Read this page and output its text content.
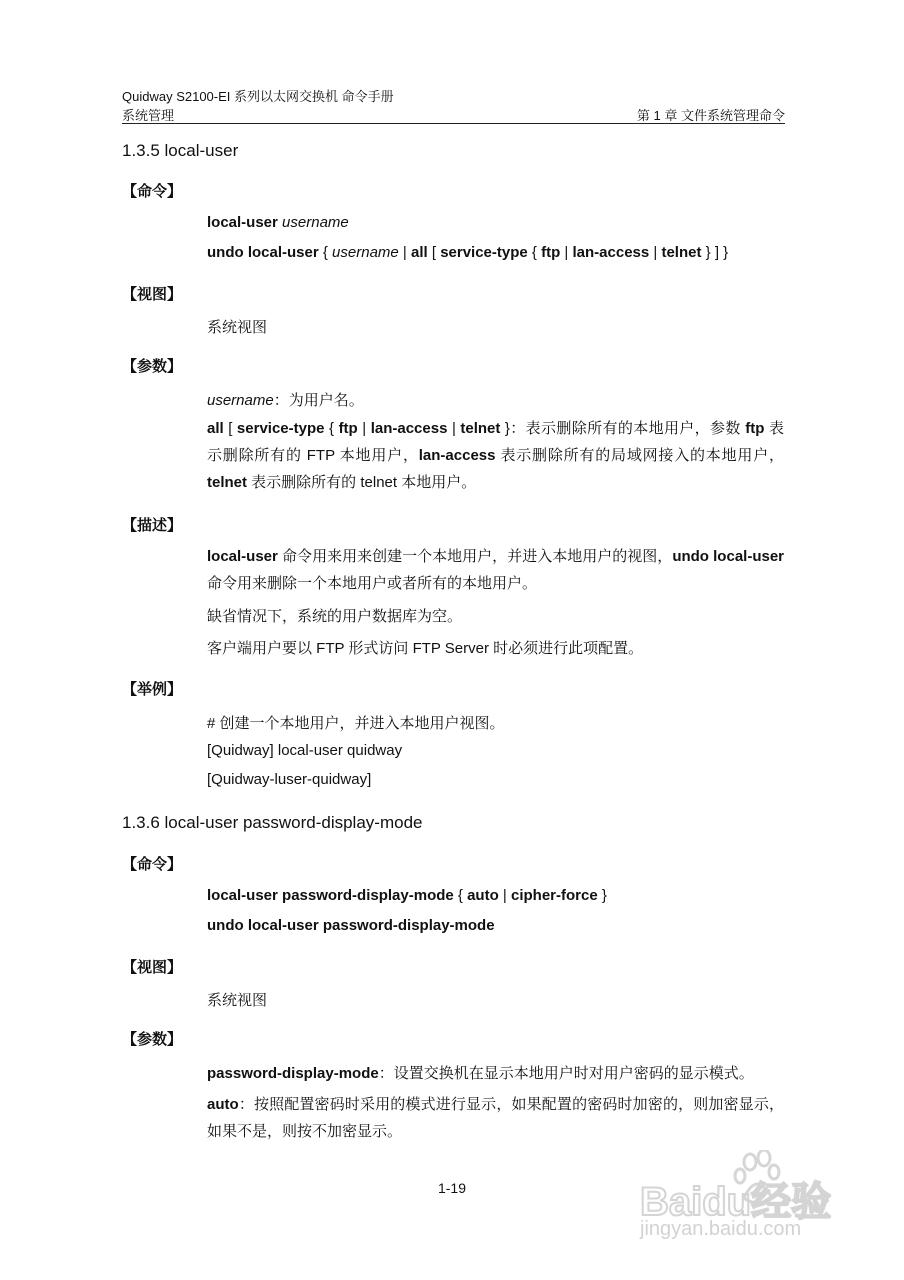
Quidway S2100-EI 系列以太网交换机 命令手册
系统管理	第 1 章 文件系统管理命令
1.3.5 local-user
【命令】
local-user username
undo local-user { username | all [ service-type { ftp | lan-access | telnet } ] }
【视图】
系统视图
【参数】
username：为用户名。
all [ service-type { ftp | lan-access | telnet }：表示删除所有的本地用户，参数 ftp 表示删除所有的 FTP 本地用户，lan-access 表示删除所有的局域网接入的本地用户，telnet 表示删除所有的 telnet 本地用户。
【描述】
local-user 命令用来用来创建一个本地用户，并进入本地用户的视图，undo local-user 命令用来删除一个本地用户或者所有的本地用户。
缺省情况下，系统的用户数据库为空。
客户端用户要以 FTP 形式访问 FTP Server 时必须进行此项配置。
【举例】
# 创建一个本地用户，并进入本地用户视图。
[Quidway] local-user quidway
[Quidway-luser-quidway]
1.3.6 local-user password-display-mode
【命令】
local-user password-display-mode { auto | cipher-force }
undo local-user password-display-mode
【视图】
系统视图
【参数】
password-display-mode：设置交换机在显示本地用户时对用户密码的显示模式。
auto：按照配置密码时采用的模式进行显示，如果配置的密码时加密的，则加密显示，如果不是，则按不加密显示。
1-19	Baidu经验
jingyan.baidu.com
